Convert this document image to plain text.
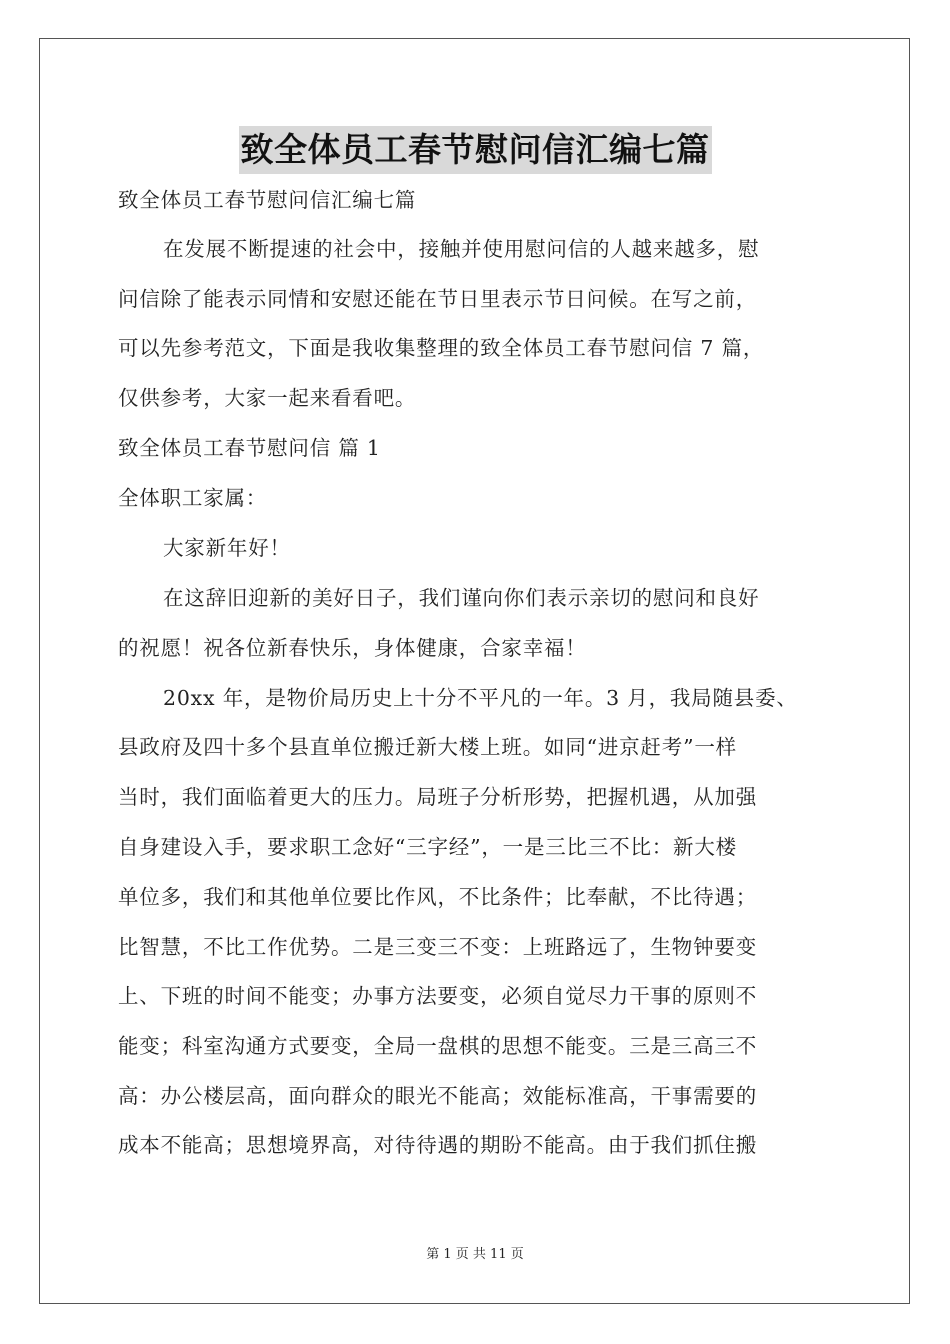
致全体员工春节慰问信汇编七篇
致全体员工春节慰问信汇编七篇
在发展不断提速的社会中，接触并使用慰问信的人越来越多，慰
问信除了能表示同情和安慰还能在节日里表示节日问候。在写之前，
可以先参考范文，下面是我收集整理的致全体员工春节慰问信 7 篇，
仅供参考，大家一起来看看吧。
致全体员工春节慰问信 篇 1
全体职工家属：
大家新年好！
在这辞旧迎新的美好日子，我们谨向你们表示亲切的慰问和良好
的祝愿！祝各位新春快乐，身体健康，合家幸福！
20xx 年，是物价局历史上十分不平凡的一年。3 月，我局随县委、
县政府及四十多个县直单位搬迁新大楼上班。如同“进京赶考”一样
当时，我们面临着更大的压力。局班子分析形势，把握机遇，从加强
自身建设入手，要求职工念好“三字经”，一是三比三不比：新大楼
单位多，我们和其他单位要比作风，不比条件；比奉献，不比待遇；
比智慧，不比工作优势。二是三变三不变：上班路远了，生物钟要变
上、下班的时间不能变；办事方法要变，必须自觉尽力干事的原则不
能变；科室沟通方式要变，全局一盘棋的思想不能变。三是三高三不
高：办公楼层高，面向群众的眼光不能高；效能标准高，干事需要的
成本不能高；思想境界高，对待待遇的期盼不能高。由于我们抓住搬
第 1 页 共 11 页
